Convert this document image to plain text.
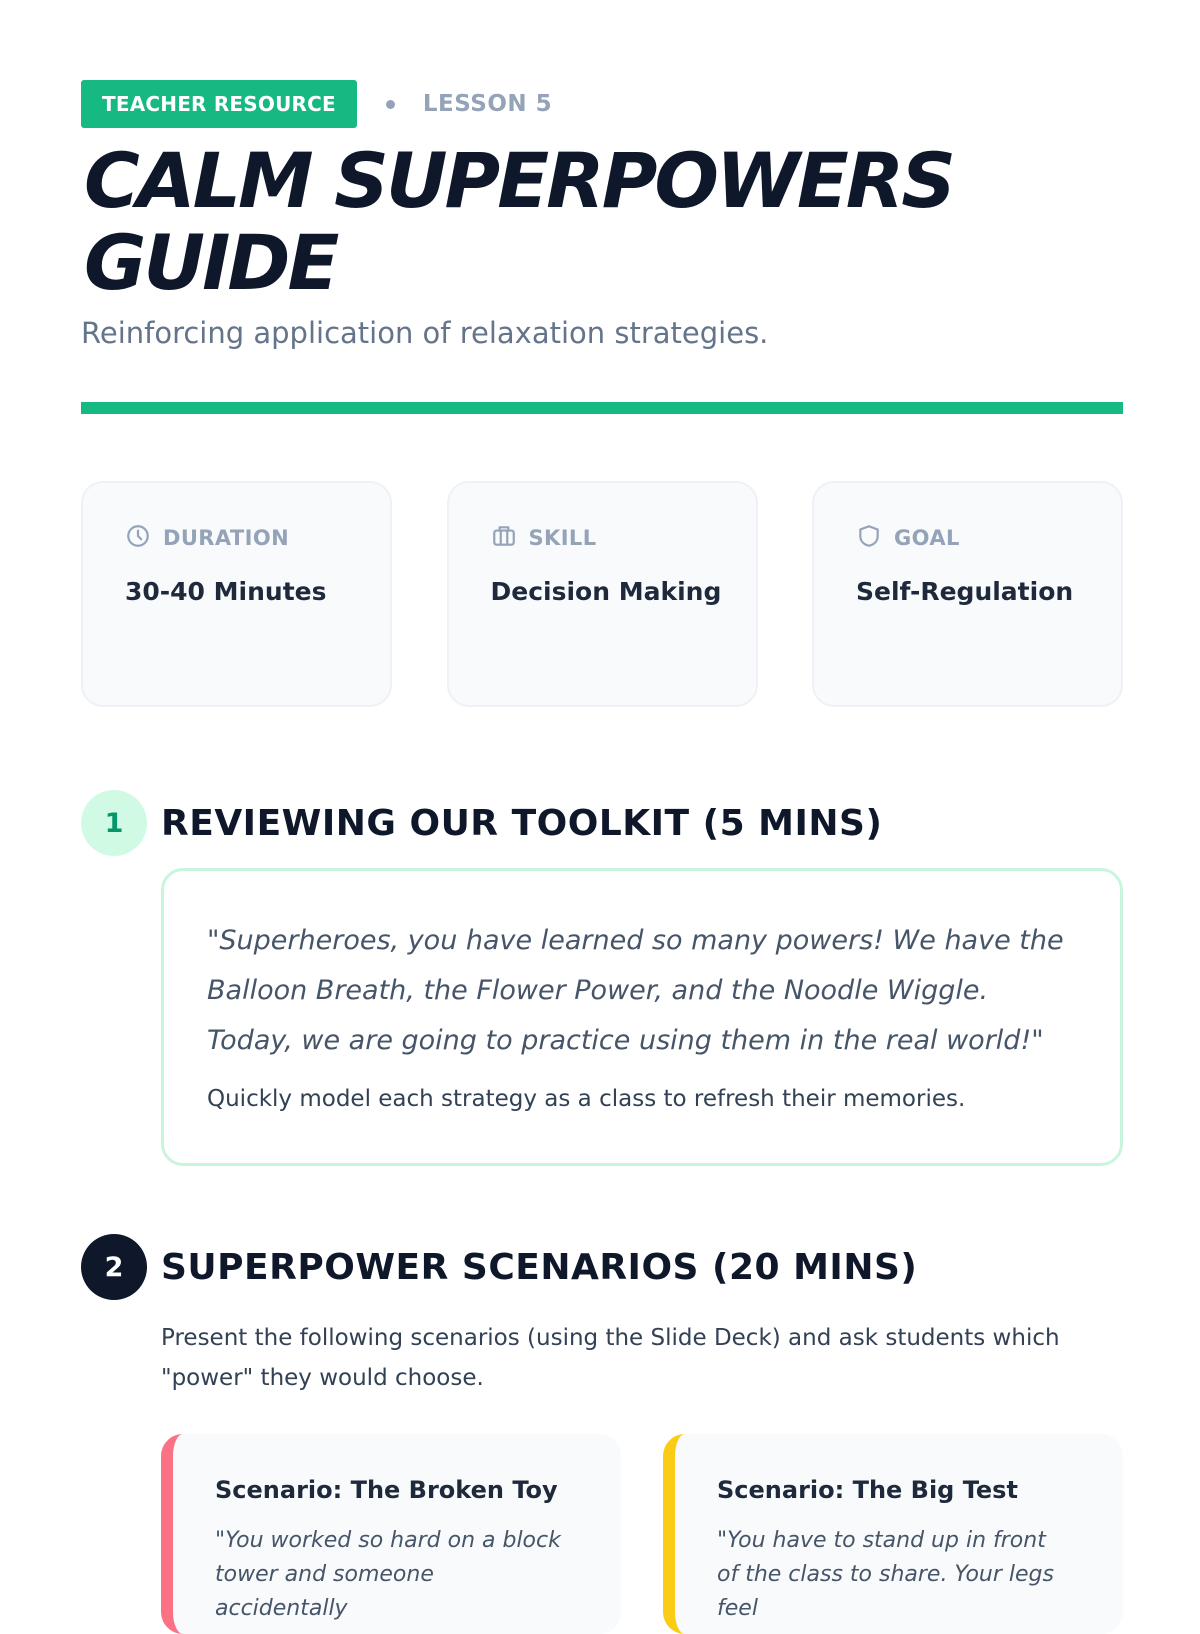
TEACHER RESOURCE	LESSON 5
CALM SUPERPOWERS GUIDE

Reinforcing application of relaxation strategies.

DURATION
30-40 Minutes
SKILL
Decision Making
GOAL
Self-Regulation
1	REVIEWING OUR TOOLKIT (5 MINS)

"Superheroes, you have learned so many powers! We have the Balloon Breath, the Flower Power, and the Noodle Wiggle. Today, we are going to practice using them in the real world!"

Quickly model each strategy as a class to refresh their memories.

2	SUPERPOWER SCENARIOS (20 MINS)

Present the following scenarios (using the Slide Deck) and ask students which "power" they would choose.

Scenario: The Broken Toy
"You worked so hard on a block tower and someone accidentally
Scenario: The Big Test
"You have to stand up in front of the class to share. Your legs feel
